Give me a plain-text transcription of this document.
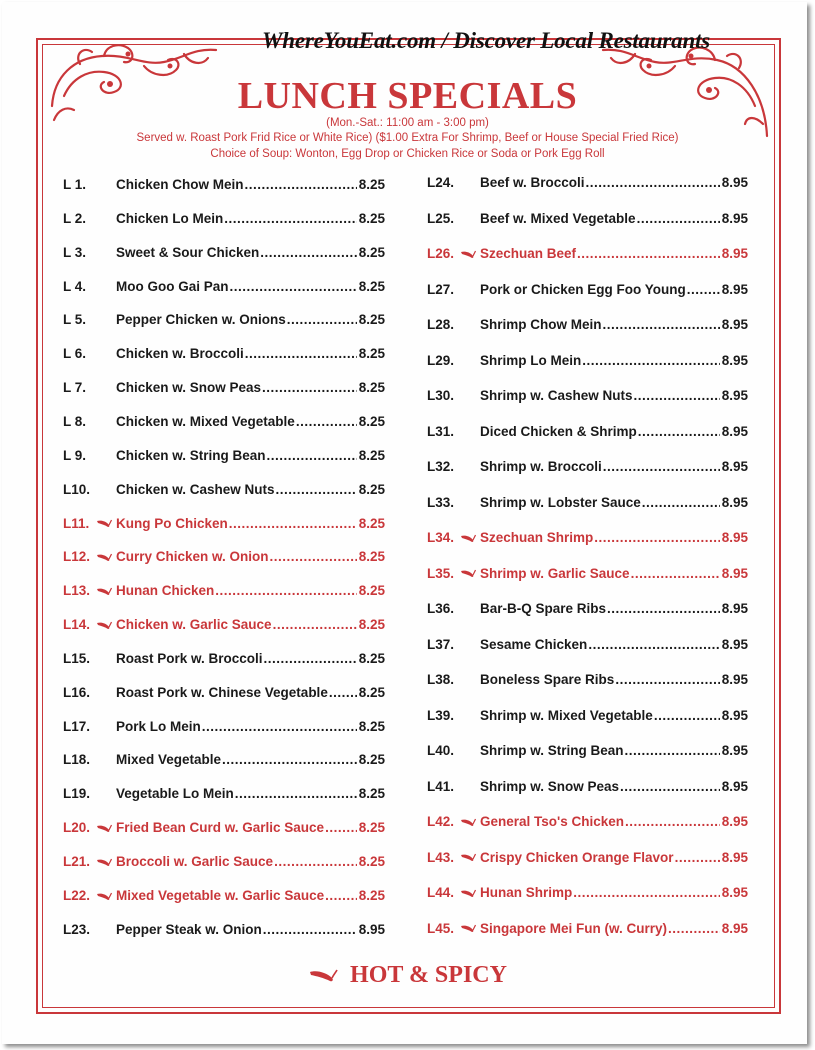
WhereYouEat.com / Discover Local Restaurants
LUNCH SPECIALS
(Mon.-Sat.: 11:00 am - 3:00 pm)
Served w. Roast Pork Frid Rice or White Rice) ($1.00 Extra For Shrimp, Beef or House Special Fried Rice)
Choice of Soup: Wonton, Egg Drop or Chicken Rice or Soda or Pork Egg Roll
L 1. Chicken Chow Mein .....	8.25
L 2. Chicken Lo Mein .....	8.25
L 3. Sweet & Sour Chicken .....	8.25
L 4. Moo Goo Gai Pan .....	8.25
L 5. Pepper Chicken w. Onions .....	8.25
L 6. Chicken w. Broccoli .....	8.25
L 7. Chicken w. Snow Peas .....	8.25
L 8. Chicken w. Mixed Vegetable .....	8.25
L 9. Chicken w. String Bean .....	8.25
L10. Chicken w. Cashew Nuts .....	8.25
L11. Kung Po Chicken .....	8.25
L12. Curry Chicken w. Onion .....	8.25
L13. Hunan Chicken .....	8.25
L14. Chicken w. Garlic Sauce .....	8.25
L15. Roast Pork w. Broccoli .....	8.25
L16. Roast Pork w. Chinese Vegetable ..... 8.25
L17. Pork Lo Mein .....	8.25
L18. Mixed Vegetable .....	8.25
L19. Vegetable Lo Mein .....	8.25
L20. Fried Bean Curd w. Garlic Sauce .....	8.25
L21. Broccoli w. Garlic Sauce .....	8.25
L22. Mixed Vegetable w. Garlic Sauce .....	8.25
L23. Pepper Steak w. Onion .....	8.95
L24. Beef w. Broccoli .....	8.95
L25. Beef w. Mixed Vegetable .....	8.95
L26. Szechuan Beef .....	8.95
L27. Pork or Chicken Egg Foo Young .....	8.95
L28. Shrimp Chow Mein .....	8.95
L29. Shrimp Lo Mein .....	8.95
L30. Shrimp w. Cashew Nuts .....	8.95
L31. Diced Chicken & Shrimp .....	8.95
L32. Shrimp w. Broccoli .....	8.95
L33. Shrimp w. Lobster Sauce .....	8.95
L34. Szechuan Shrimp .....	8.95
L35. Shrimp w. Garlic Sauce .....	8.95
L36. Bar-B-Q Spare Ribs .....	8.95
L37. Sesame Chicken .....	8.95
L38. Boneless Spare Ribs .....	8.95
L39. Shrimp w. Mixed Vegetable .....	8.95
L40. Shrimp w. String Bean .....	8.95
L41. Shrimp w. Snow Peas .....	8.95
L42. General Tso's Chicken .....	8.95
L43. Crispy Chicken Orange Flavor .....	8.95
L44. Hunan Shrimp .....	8.95
L45. Singapore Mei Fun (w. Curry) .....	8.95
HOT & SPICY
